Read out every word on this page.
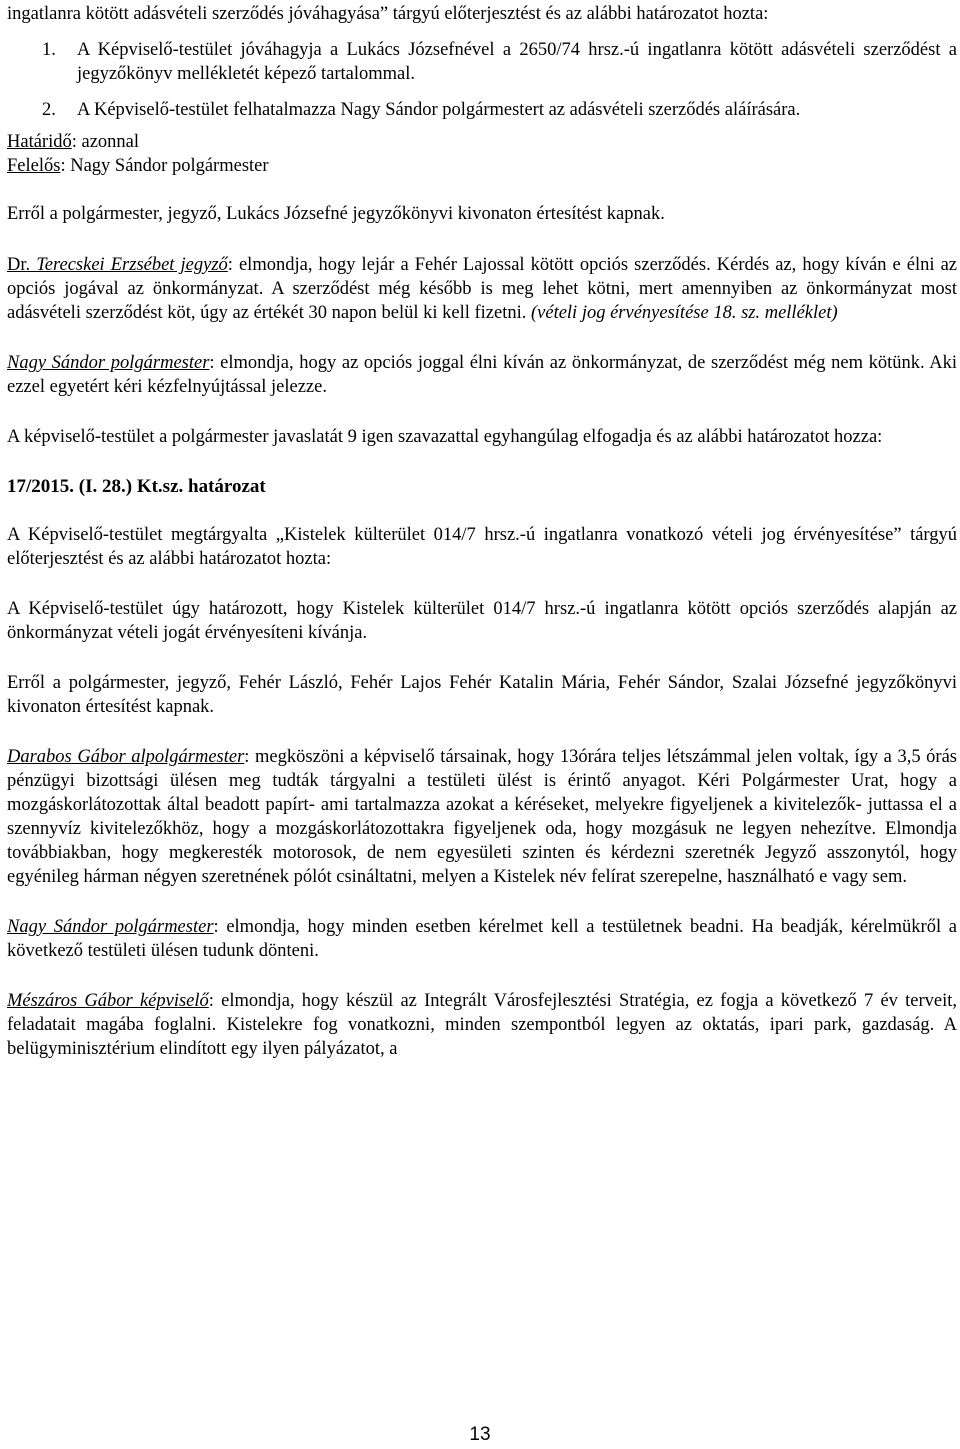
ingatlanra kötött adásvételi szerződés jóváhagyása” tárgyú előterjesztést és az alábbi határozatot hozta:

1. A Képviselő-testület jóváhagyja a Lukács Józsefnével a 2650/74 hrsz.-ú ingatlanra kötött adásvételi szerződést a jegyzőkönyv mellékletét képező tartalommal.
2. A Képviselő-testület felhatalmazza Nagy Sándor polgármestert az adásvételi szerződés aláírására.

Határidő: azonnal

Felelős: Nagy Sándor polgármester

Erről a polgármester, jegyző, Lukács Józsefné jegyzőkönyvi kivonaton értesítést kapnak.

Dr. Terecskei Erzsébet jegyző: elmondja, hogy lejár a Fehér Lajossal kötött opciós szerződés. Kérdés az, hogy kíván e élni az opciós jogával az önkormányzat. A szerződést még később is meg lehet kötni, mert amennyiben az önkormányzat most adásvételi szerződést köt, úgy az értékét 30 napon belül ki kell fizetni. (vételi jog érvényesítése 18. sz. melléklet)

Nagy Sándor polgármester: elmondja, hogy az opciós joggal élni kíván az önkormányzat, de szerződést még nem kötünk. Aki ezzel egyetért kéri kézfelnyújtással jelezze.

A képviselő-testület a polgármester javaslatát 9 igen szavazattal egyhangúlag elfogadja és az alábbi határozatot hozza:

17/2015. (I. 28.) Kt.sz. határozat

A Képviselő-testület megtárgyalta „Kistelek külterület 014/7 hrsz.-ú ingatlanra vonatkozó vételi jog érvényesítése” tárgyú előterjesztést és az alábbi határozatot hozta:

A Képviselő-testület úgy határozott, hogy Kistelek külterület 014/7 hrsz.-ú ingatlanra kötött opciós szerződés alapján az önkormányzat vételi jogát érvényesíteni kívánja.

Erről a polgármester, jegyző, Fehér László, Fehér Lajos Fehér Katalin Mária, Fehér Sándor, Szalai Józsefné jegyzőkönyvi kivonaton értesítést kapnak.

Darabos Gábor alpolgármester: megköszöni a képviselő társainak, hogy 13órára teljes létszámmal jelen voltak, így a 3,5 órás pénzügyi bizottsági ülésen meg tudták tárgyalni a testületi ülést is érintő anyagot. Kéri Polgármester Urat, hogy a mozgáskorlátozottak által beadott papírt- ami tartalmazza azokat a kéréseket, melyekre figyeljenek a kivitelezők- juttassa el a szennyvíz kivitelezőkhöz, hogy a mozgáskorlátozottakra figyeljenek oda, hogy mozgásuk ne legyen nehezítve. Elmondja továbbiakban, hogy megkeresték motorosok, de nem egyesületi szinten és kérdezni szeretnék Jegyző asszonytól, hogy egyénileg hárman négyen szeretnének pólót csináltatni, melyen a Kistelek név felírat szerepelne, használható e vagy sem.

Nagy Sándor polgármester: elmondja, hogy minden esetben kérelmet kell a testületnek beadni. Ha beadják, kérelmükről a következő testületi ülésen tudunk dönteni.

Mészáros Gábor képviselő: elmondja, hogy készül az Integrált Városfejlesztési Stratégia, ez fogja a következő 7 év terveit, feladatait magába foglalni. Kistelekre fog vonatkozni, minden szempontból legyen az oktatás, ipari park, gazdaság. A belügyminisztérium elindított egy ilyen pályázatot, a

13
